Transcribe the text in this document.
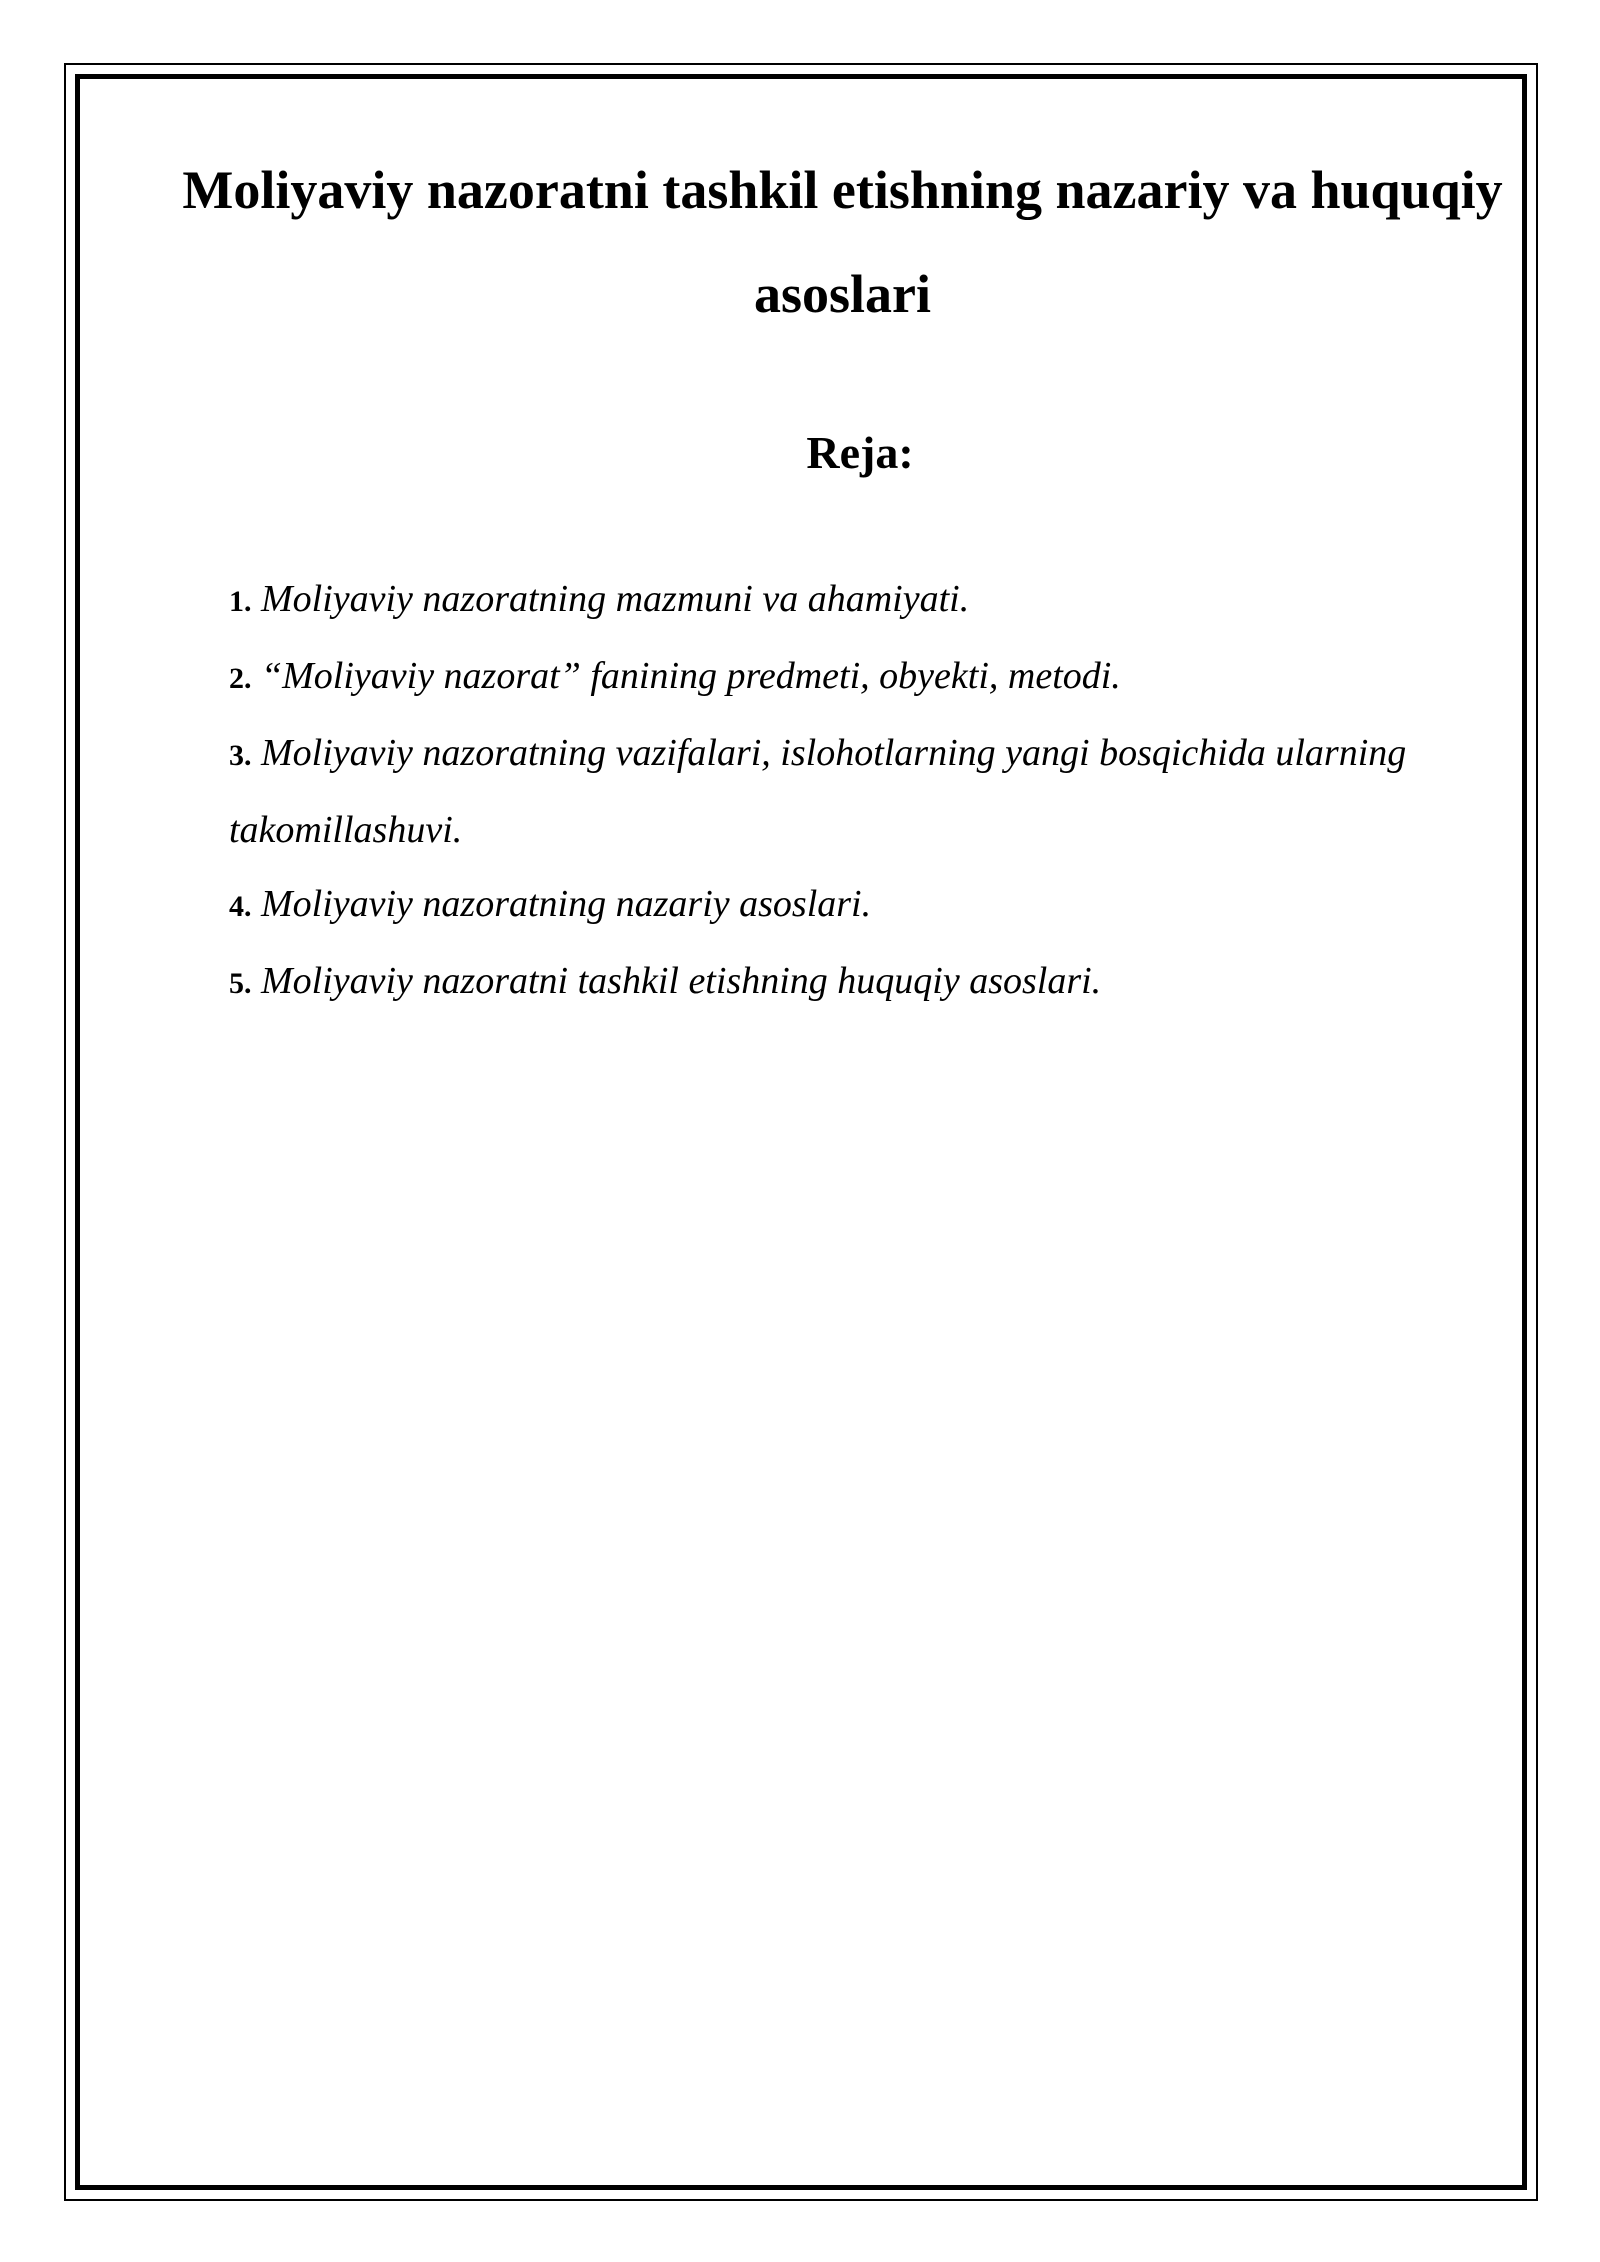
Moliyaviy nazoratni tashkil etishning nazariy va huquqiy asoslari
Reja:
1. Moliyaviy nazoratning mazmuni va ahamiyati.
2. “Moliyaviy nazorat” fanining predmeti, obyekti, metodi.
3. Moliyaviy nazoratning vazifalari, islohotlarning yangi bosqichida ularning takomillashuvi.
4. Moliyaviy nazoratning nazariy asoslari.
5. Moliyaviy nazoratni tashkil etishning huquqiy asoslari.
